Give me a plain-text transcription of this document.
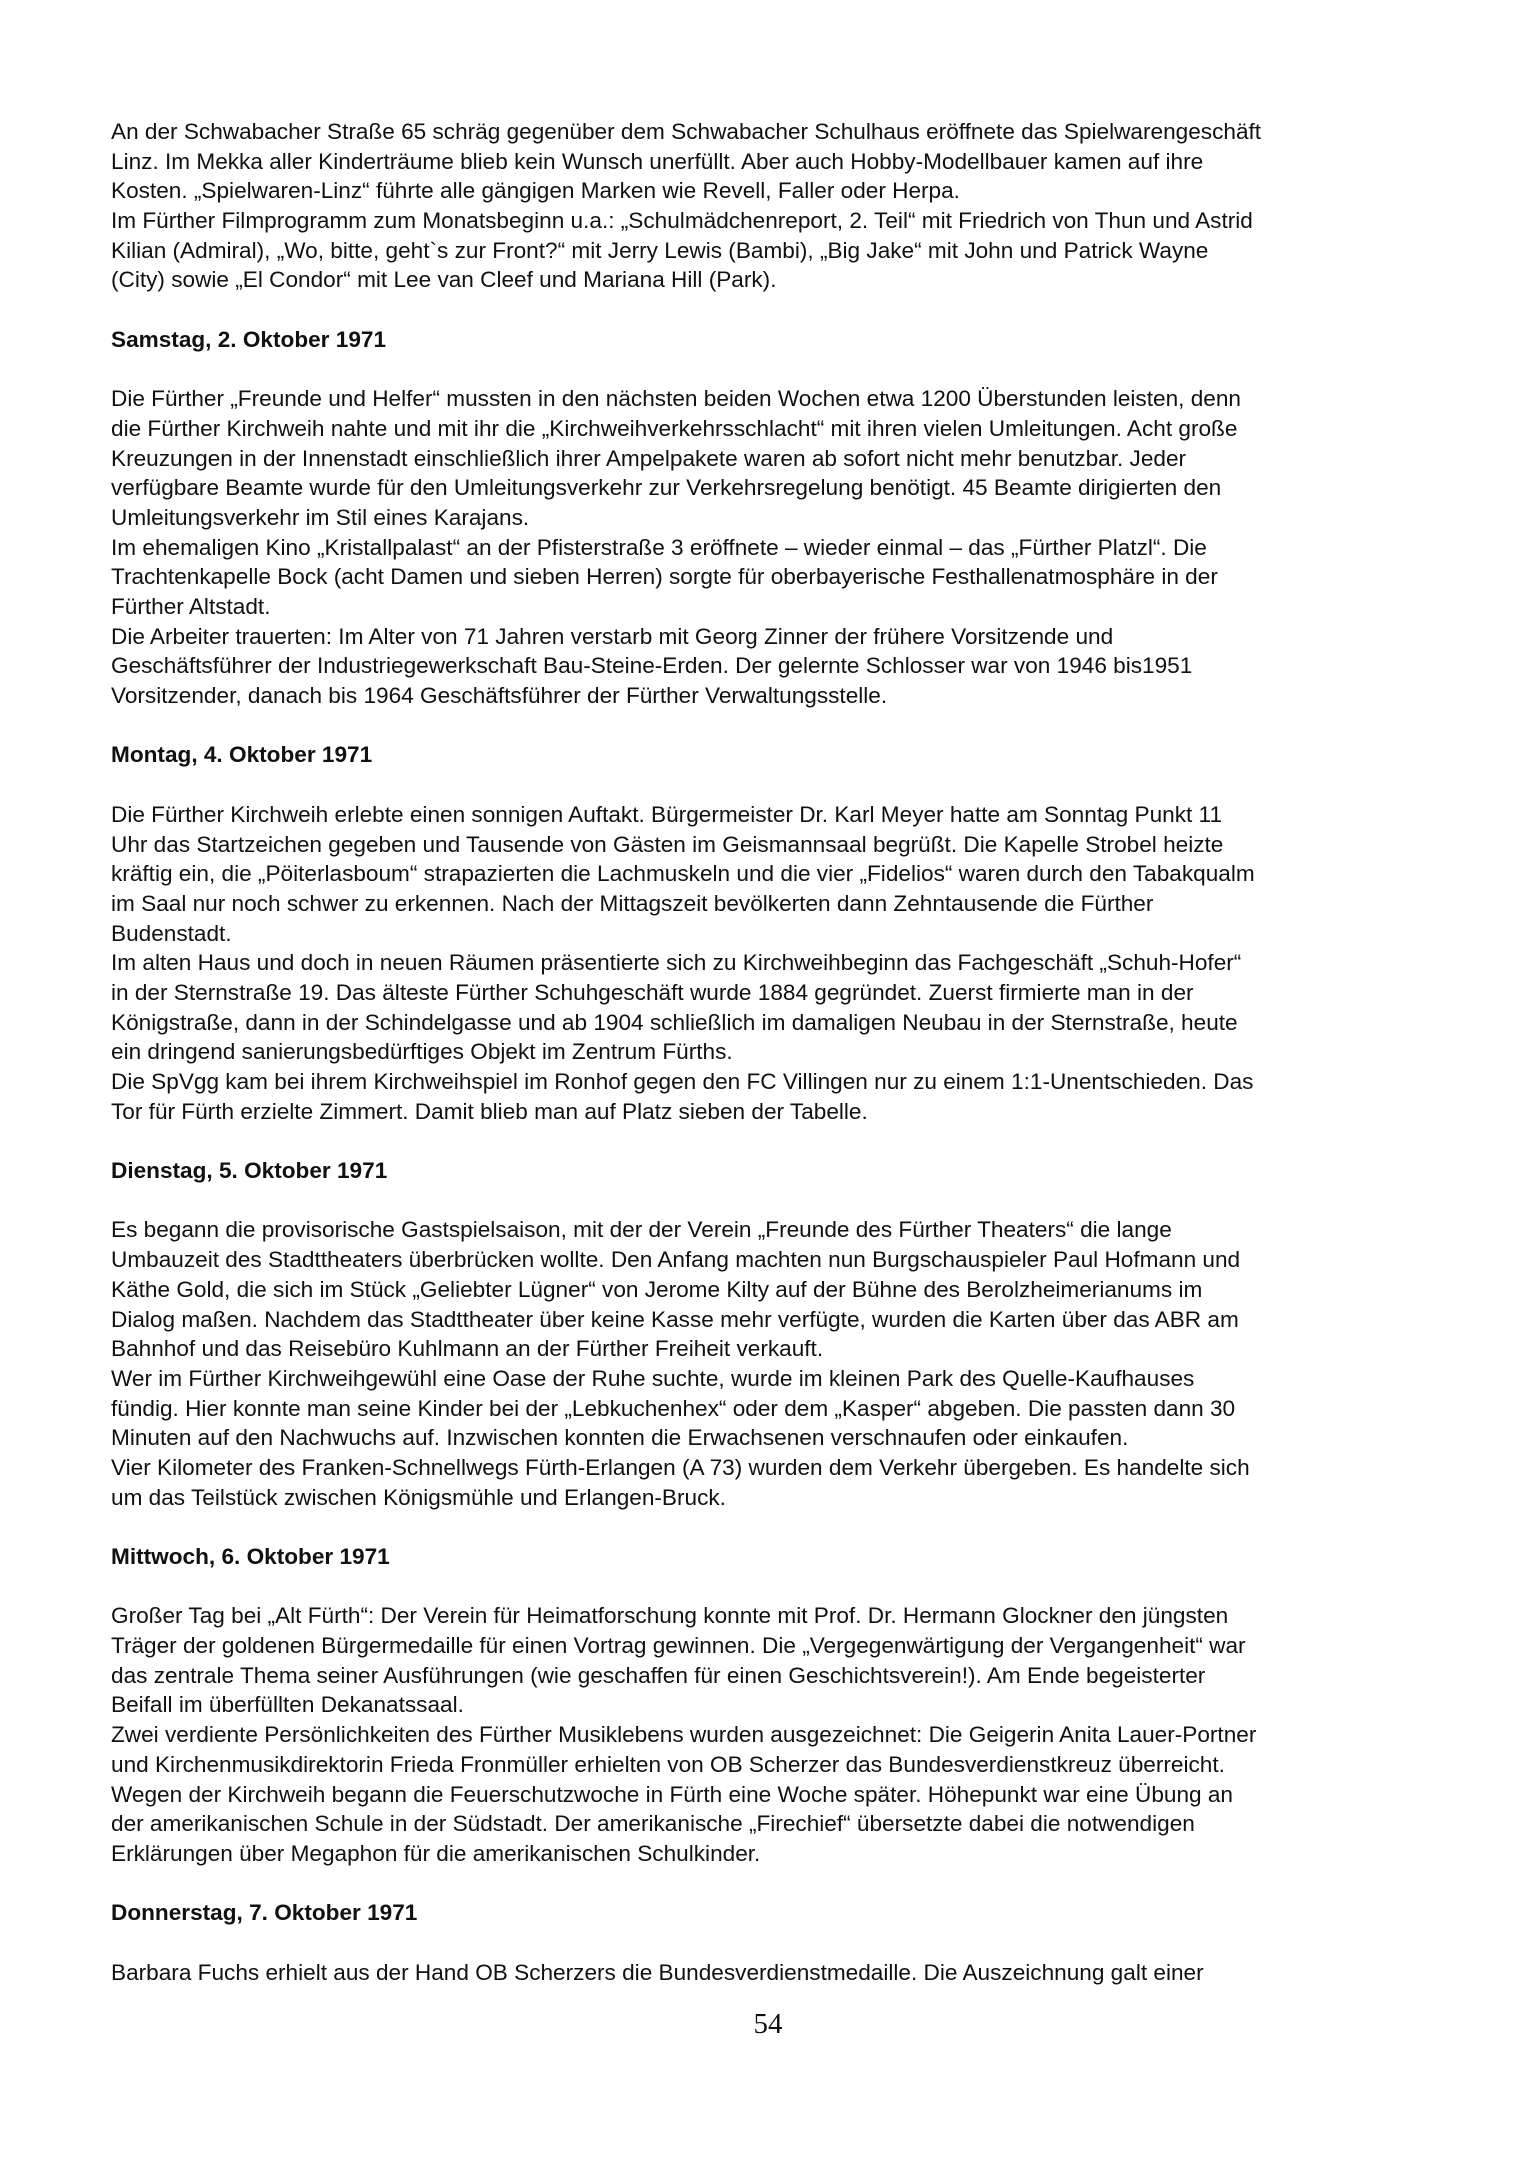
An der Schwabacher Straße 65 schräg gegenüber dem Schwabacher Schulhaus eröffnete das Spielwarengeschäft
Linz. Im Mekka aller Kinderträume blieb kein Wunsch unerfüllt. Aber auch Hobby-Modellbauer kamen auf ihre
Kosten. „Spielwaren-Linz“ führte alle gängigen Marken wie Revell, Faller oder Herpa.
Im Fürther Filmprogramm zum Monatsbeginn u.a.: „Schulmädchenreport, 2. Teil“ mit Friedrich von Thun und Astrid
Kilian (Admiral), „Wo, bitte, geht`s zur Front?“ mit Jerry Lewis (Bambi), „Big Jake“ mit John und Patrick Wayne
(City) sowie „El Condor“ mit Lee van Cleef und Mariana Hill (Park).
Samstag, 2. Oktober 1971
Die Fürther „Freunde und Helfer“ mussten in den nächsten beiden Wochen etwa 1200 Überstunden leisten, denn
die Fürther Kirchweih nahte und mit ihr die „Kirchweihverkehrsschlacht“ mit ihren vielen Umleitungen. Acht große
Kreuzungen in der Innenstadt einschließlich ihrer Ampelpakete waren ab sofort nicht mehr benutzbar. Jeder
verfügbare Beamte wurde für den Umleitungsverkehr zur Verkehrsregelung benötigt. 45 Beamte dirigierten den
Umleitungsverkehr im Stil eines Karajans.
Im ehemaligen Kino „Kristallpalast“ an der Pfisterstraße 3 eröffnete – wieder einmal – das „Fürther Platzl“. Die
Trachtenkapelle Bock (acht Damen und sieben Herren) sorgte für oberbayerische Festhallenatmosphäre in der
Fürther Altstadt.
Die Arbeiter trauerten: Im Alter von 71 Jahren verstarb mit Georg Zinner der frühere Vorsitzende und
Geschäftsführer der Industriegewerkschaft Bau-Steine-Erden. Der gelernte Schlosser war von 1946 bis1951
Vorsitzender, danach bis 1964 Geschäftsführer der Fürther Verwaltungsstelle.
Montag, 4. Oktober 1971
Die Fürther Kirchweih erlebte einen sonnigen Auftakt. Bürgermeister Dr. Karl Meyer hatte am Sonntag Punkt 11
Uhr das Startzeichen gegeben und Tausende von Gästen im Geismannsaal begrüßt. Die Kapelle Strobel heizte
kräftig ein, die „Pöiterlasboum“ strapazierten die Lachmuskeln und die vier „Fidelios“ waren durch den Tabakqualm
im Saal nur noch schwer zu erkennen. Nach der Mittagszeit bevölkerten dann Zehntausende die Fürther
Budenstadt.
Im alten Haus und doch in neuen Räumen präsentierte sich zu Kirchweihbeginn das Fachgeschäft „Schuh-Hofer“
in der Sternstraße 19. Das älteste Fürther Schuhgeschäft wurde 1884 gegründet. Zuerst firmierte man in der
Königstraße, dann in der Schindelgasse und ab 1904 schließlich im damaligen Neubau in der Sternstraße, heute
ein dringend sanierungsbedürftiges Objekt im Zentrum Fürths.
Die SpVgg kam bei ihrem Kirchweihspiel im Ronhof gegen den FC Villingen nur zu einem 1:1-Unentschieden. Das
Tor für Fürth erzielte Zimmert. Damit blieb man auf Platz sieben der Tabelle.
Dienstag, 5. Oktober 1971
Es begann die provisorische Gastspielsaison, mit der der Verein „Freunde des Fürther Theaters“ die lange
Umbauzeit des Stadttheaters überbrücken wollte. Den Anfang machten nun Burgschauspieler Paul Hofmann und
Käthe Gold, die sich im Stück „Geliebter Lügner“ von Jerome Kilty auf der Bühne des Berolzheimerianums im
Dialog maßen. Nachdem das Stadttheater über keine Kasse mehr verfügte, wurden die Karten über das ABR am
Bahnhof und das Reisebüro Kuhlmann an der Fürther Freiheit verkauft.
Wer im Fürther Kirchweihgewühl eine Oase der Ruhe suchte, wurde im kleinen Park des Quelle-Kaufhauses
fündig. Hier konnte man seine Kinder bei der „Lebkuchenhex“ oder dem „Kasper“ abgeben. Die passten dann 30
Minuten auf den Nachwuchs auf. Inzwischen konnten die Erwachsenen verschnaufen oder einkaufen.
Vier Kilometer des Franken-Schnellwegs Fürth-Erlangen (A 73) wurden dem Verkehr übergeben. Es handelte sich
um das Teilstück zwischen Königsmühle und Erlangen-Bruck.
Mittwoch, 6. Oktober 1971
Großer Tag bei „Alt Fürth“: Der Verein für Heimatforschung konnte mit Prof. Dr. Hermann Glockner den jüngsten
Träger der goldenen Bürgermedaille für einen Vortrag gewinnen. Die „Vergegenwärtigung der Vergangenheit“ war
das zentrale Thema seiner Ausführungen (wie geschaffen für einen Geschichtsverein!). Am Ende begeisterter
Beifall im überfüllten Dekanatssaal.
Zwei verdiente Persönlichkeiten des Fürther Musiklebens wurden ausgezeichnet: Die Geigerin Anita Lauer-Portner
und Kirchenmusikdirektorin Frieda Fronmüller erhielten von OB Scherzer das Bundesverdienstkreuz überreicht.
Wegen der Kirchweih begann die Feuerschutzwoche in Fürth eine Woche später. Höhepunkt war eine Übung an
der amerikanischen Schule in der Südstadt. Der amerikanische „Firechief“ übersetzte dabei die notwendigen
Erklärungen über Megaphon für die amerikanischen Schulkinder.
Donnerstag, 7. Oktober 1971
Barbara Fuchs erhielt aus der Hand OB Scherzers die Bundesverdienstmedaille. Die Auszeichnung galt einer
54
